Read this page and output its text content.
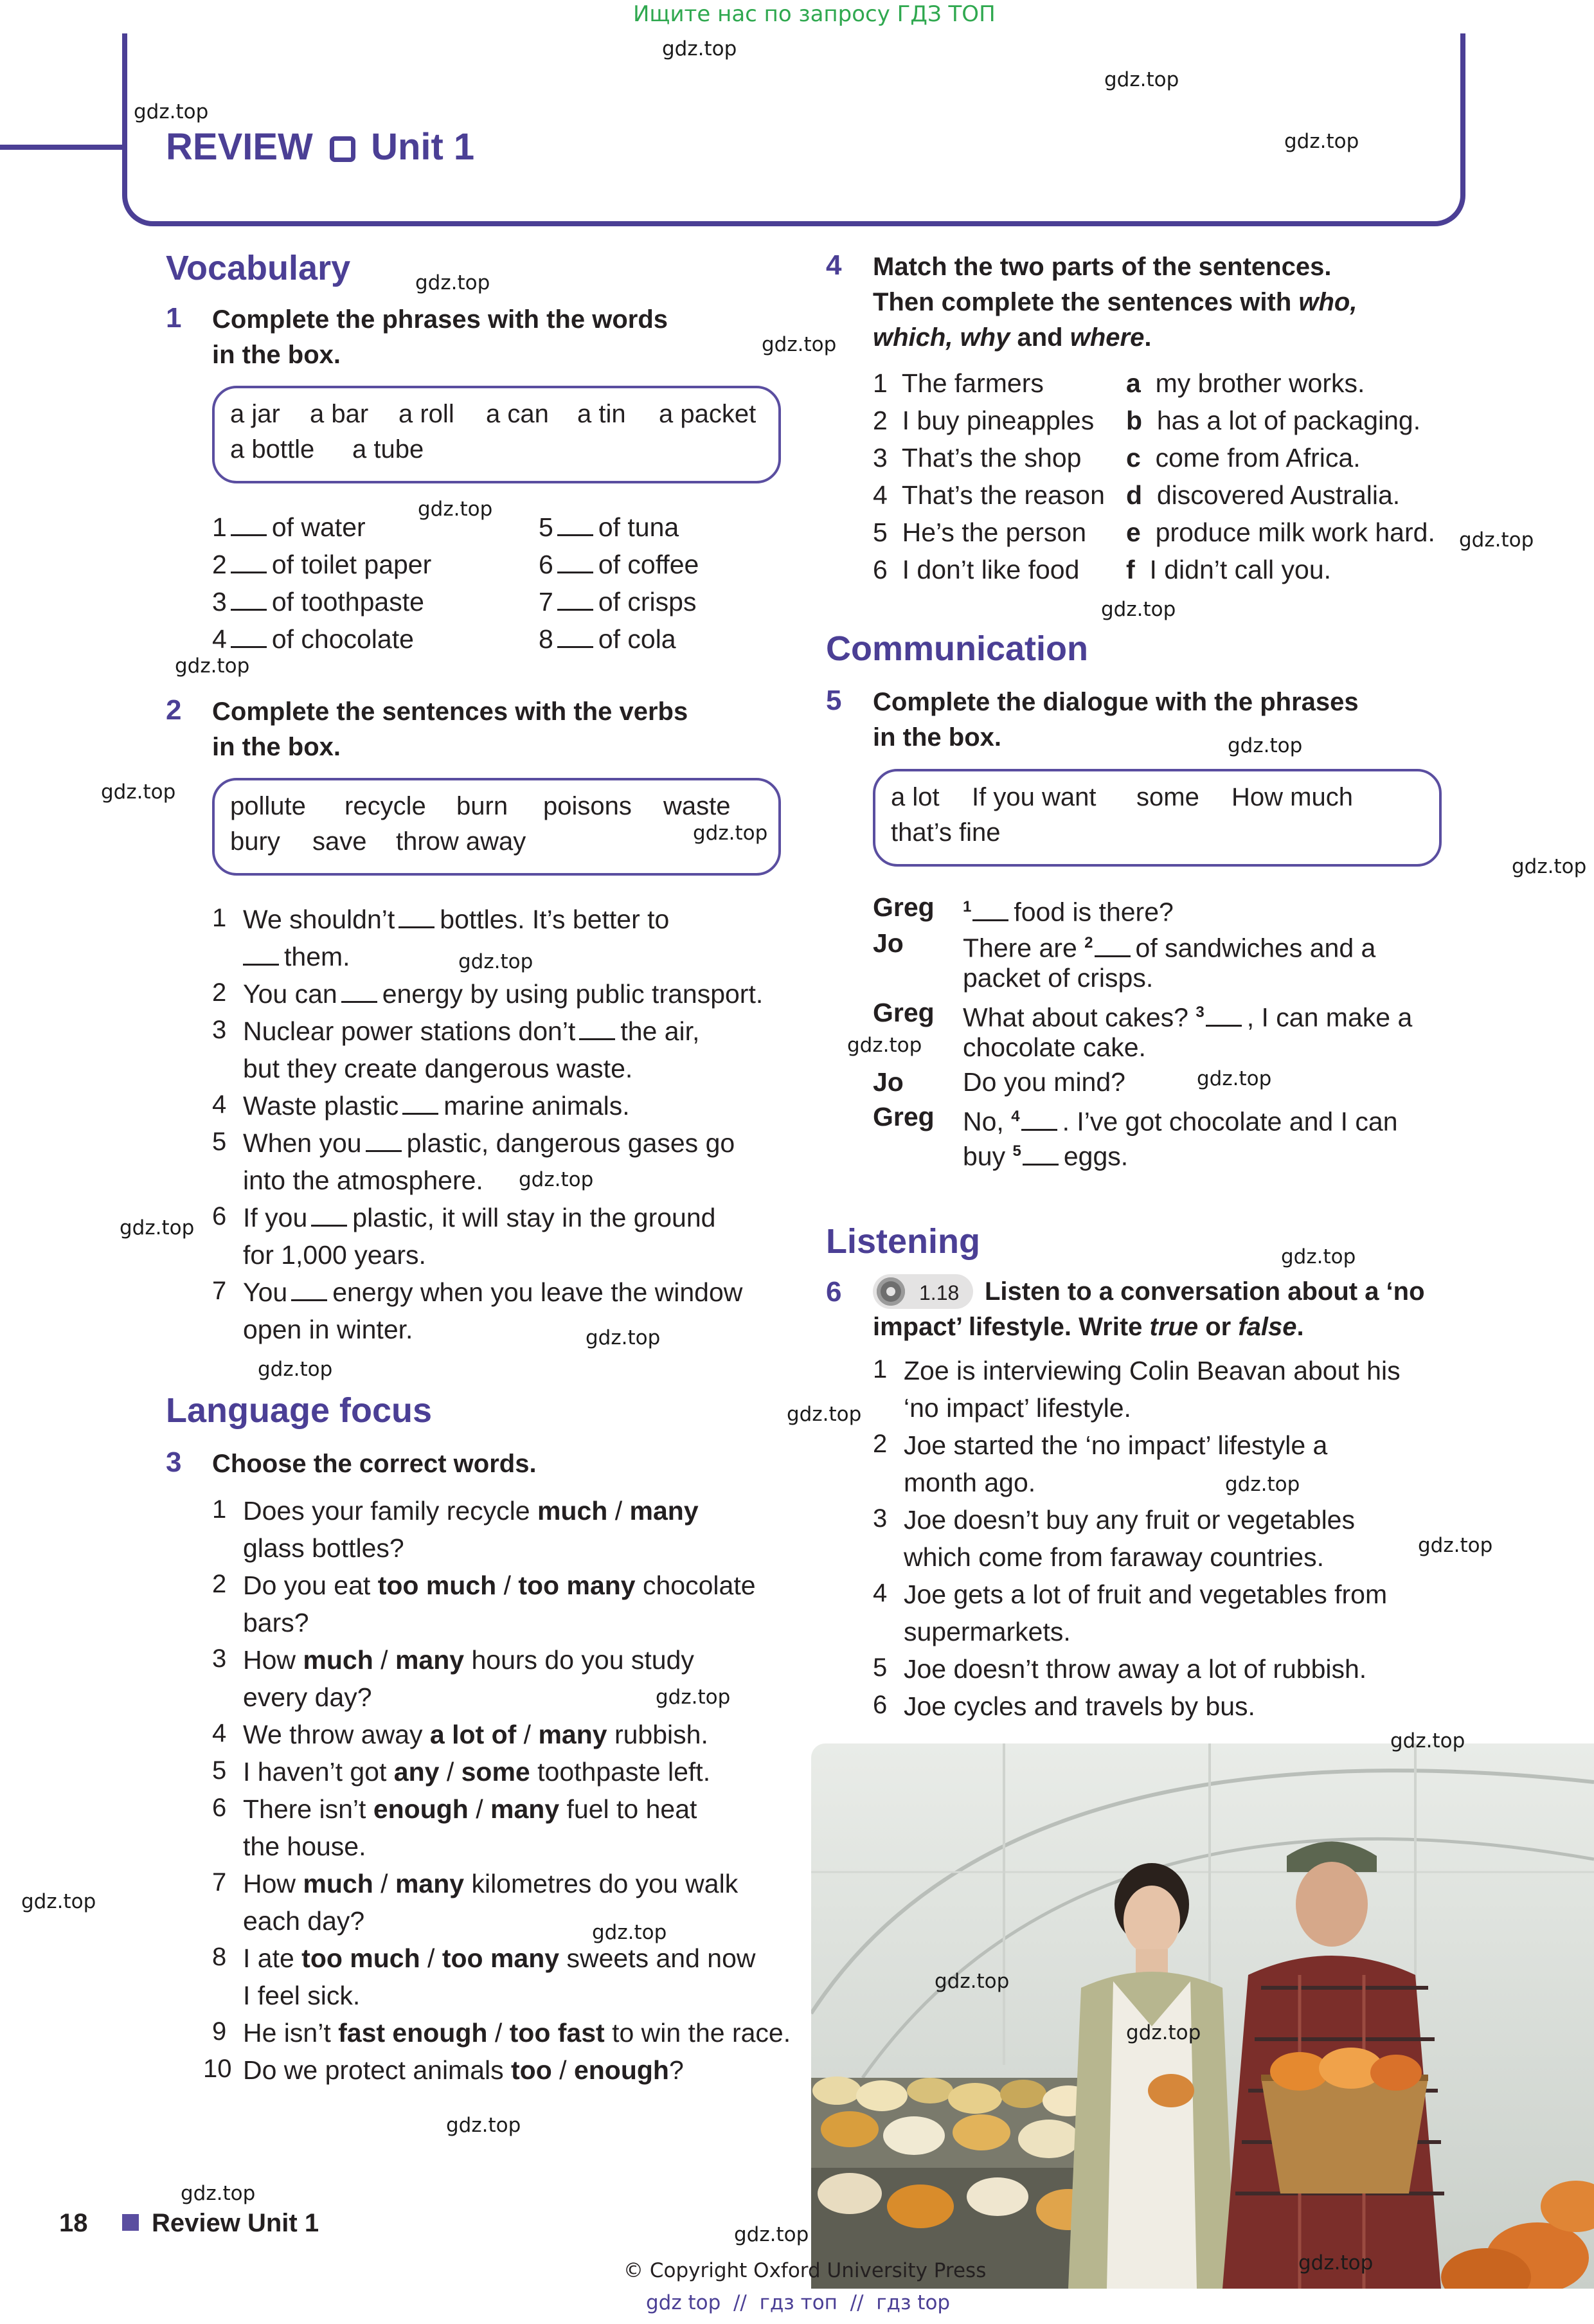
Ищите нас по запросу ГДЗ ТОП
REVIEW Unit 1
Vocabulary
1 Complete the phrases with the words
in the box.
a jar a bar a roll a can a tin a packet
a bottle a tube
1 of water
2 of toilet paper
3 of toothpaste
4 of chocolate
5 of tuna
6 of coffee
7 of crisps
8 of cola
2 Complete the sentences with the verbs
in the box.
pollute recycle burn poisons waste
bury save throw away
1 We shouldn’t bottles. It’s better to
them.
2 You can energy by using public transport.
3 Nuclear power stations don’t the air,
but they create dangerous waste.
4 Waste plastic marine animals.
5 When you plastic, dangerous gases go
into the atmosphere.
6 If you plastic, it will stay in the ground
for 1,000 years.
7 You energy when you leave the window
open in winter.
Language focus
3 Choose the correct words.
1 Does your family recycle much / many
glass bottles?
2 Do you eat too much / too many chocolate
bars?
3 How much / many hours do you study
every day?
4 We throw away a lot of / many rubbish.
5 I haven’t got any / some toothpaste left.
6 There isn’t enough / many fuel to heat
the house.
7 How much / many kilometres do you walk
each day?
8 I ate too much / too many sweets and now
I feel sick.
9 He isn’t fast enough / too fast to win the race.
10 Do we protect animals too / enough?
4 Match the two parts of the sentences.
Then complete the sentences with who,
which, why and where.
1 The farmers
2 I buy pineapples
3 That’s the shop
4 That’s the reason
5 He’s the person
6 I don’t like food
a my brother works.
b has a lot of packaging.
c come from Africa.
d discovered Australia.
e produce milk work hard.
f I didn’t call you.
Communication
5 Complete the dialogue with the phrases
in the box.
a lot If you want some How much
that’s fine
Greg $^1$ food is there?
Jo There are $^2$ of sandwiches and a
packet of crisps.
Greg What about cakes? $^3$ , I can make a
chocolate cake.
Jo Do you mind?
Greg No, $^4$ . I’ve got chocolate and I can
buy $^5$ eggs.
Listening
6	1.18 Listen to a conversation about a ‘no
impact’ lifestyle. Write true or false.
1 Zoe is interviewing Colin Beavan about his
‘no impact’ lifestyle.
2 Joe started the ‘no impact’ lifestyle a
month ago.
3 Joe doesn’t buy any fruit or vegetables
which come from faraway countries.
4 Joe gets a lot of fruit and vegetables from
supermarkets.
5 Joe doesn’t throw away a lot of rubbish.
6 Joe cycles and travels by bus.
18 Review Unit 1
© Copyright Oxford University Press
gdz top  //  гдз топ  //  гдз top
gdz.top
gdz.top
gdz.top
gdz.top
gdz.top
gdz.top
gdz.top
gdz.top
gdz.top
gdz.top
gdz.top
gdz.top
gdz.top
gdz.top
gdz.top
gdz.top
gdz.top
gdz.top
gdz.top
gdz.top
gdz.top
gdz.top
gdz.top
gdz.top
gdz.top
gdz.top
gdz.top
gdz.top
gdz.top
gdz.top
gdz.top
gdz.top
gdz.top
gdz.top
gdz.top
